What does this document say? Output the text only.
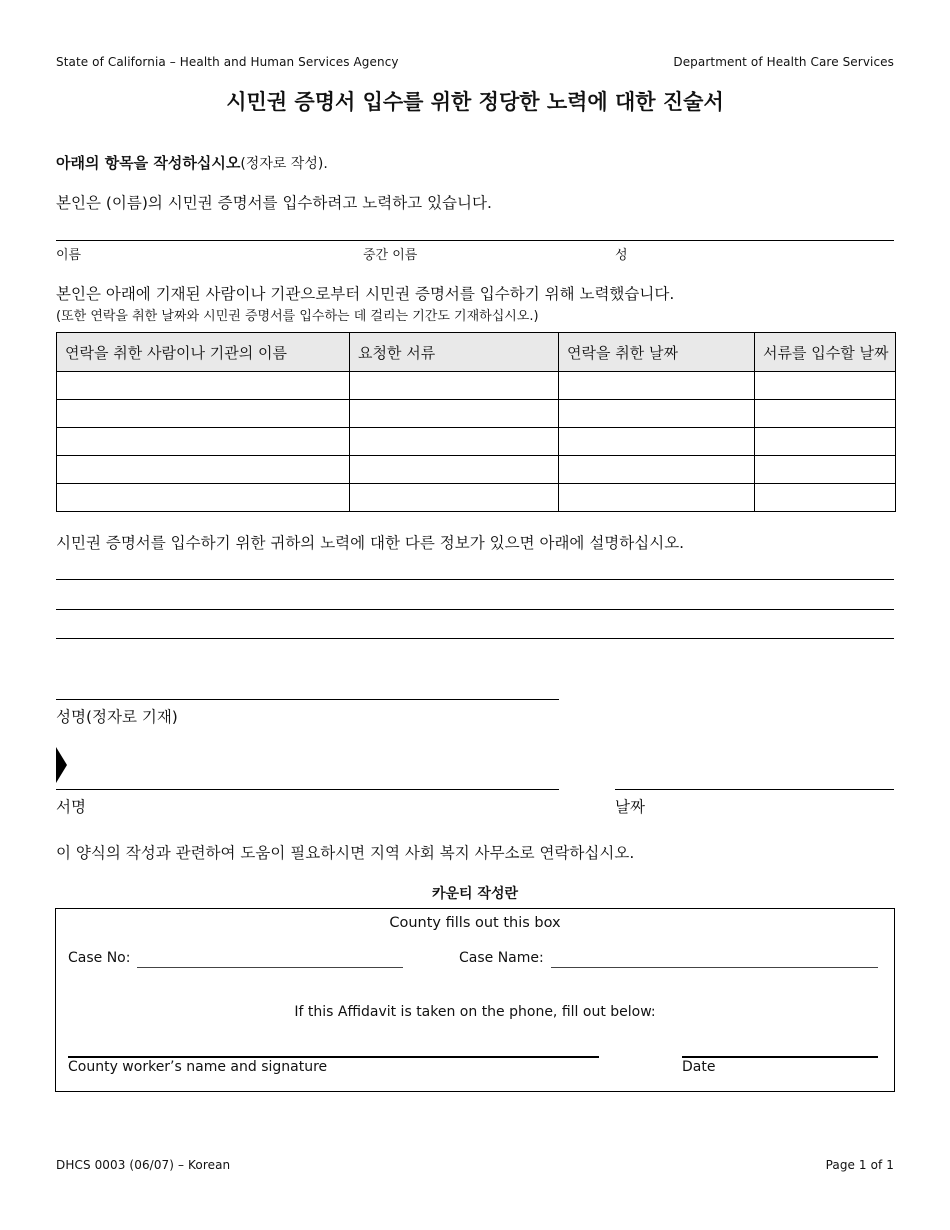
State of California – Health and Human Services Agency	Department of Health Care Services
시민권 증명서 입수를 위한 정당한 노력에 대한 진술서
아래의 항목을 작성하십시오(정자로 작성).
본인은 (이름)의 시민권 증명서를 입수하려고 노력하고 있습니다.
이름	중간 이름	성
본인은 아래에 기재된 사람이나 기관으로부터 시민권 증명서를 입수하기 위해 노력했습니다.
(또한 연락을 취한 날짜와 시민권 증명서를 입수하는 데 걸리는 기간도 기재하십시오.)
연락을 취한 사람이나 기관의 이름	요청한 서류	연락을 취한 날짜	서류를 입수할 날짜

시민권 증명서를 입수하기 위한 귀하의 노력에 대한 다른 정보가 있으면 아래에 설명하십시오.
성명(정자로 기재)
서명	날짜
이 양식의 작성과 관련하여 도움이 필요하시면 지역 사회 복지 사무소로 연락하십시오.
카운티 작성란
County fills out this box
Case No:	Case Name:
If this Affidavit is taken on the phone, fill out below:
County worker’s name and signature	Date
DHCS 0003 (06/07) – Korean	Page 1 of 1
